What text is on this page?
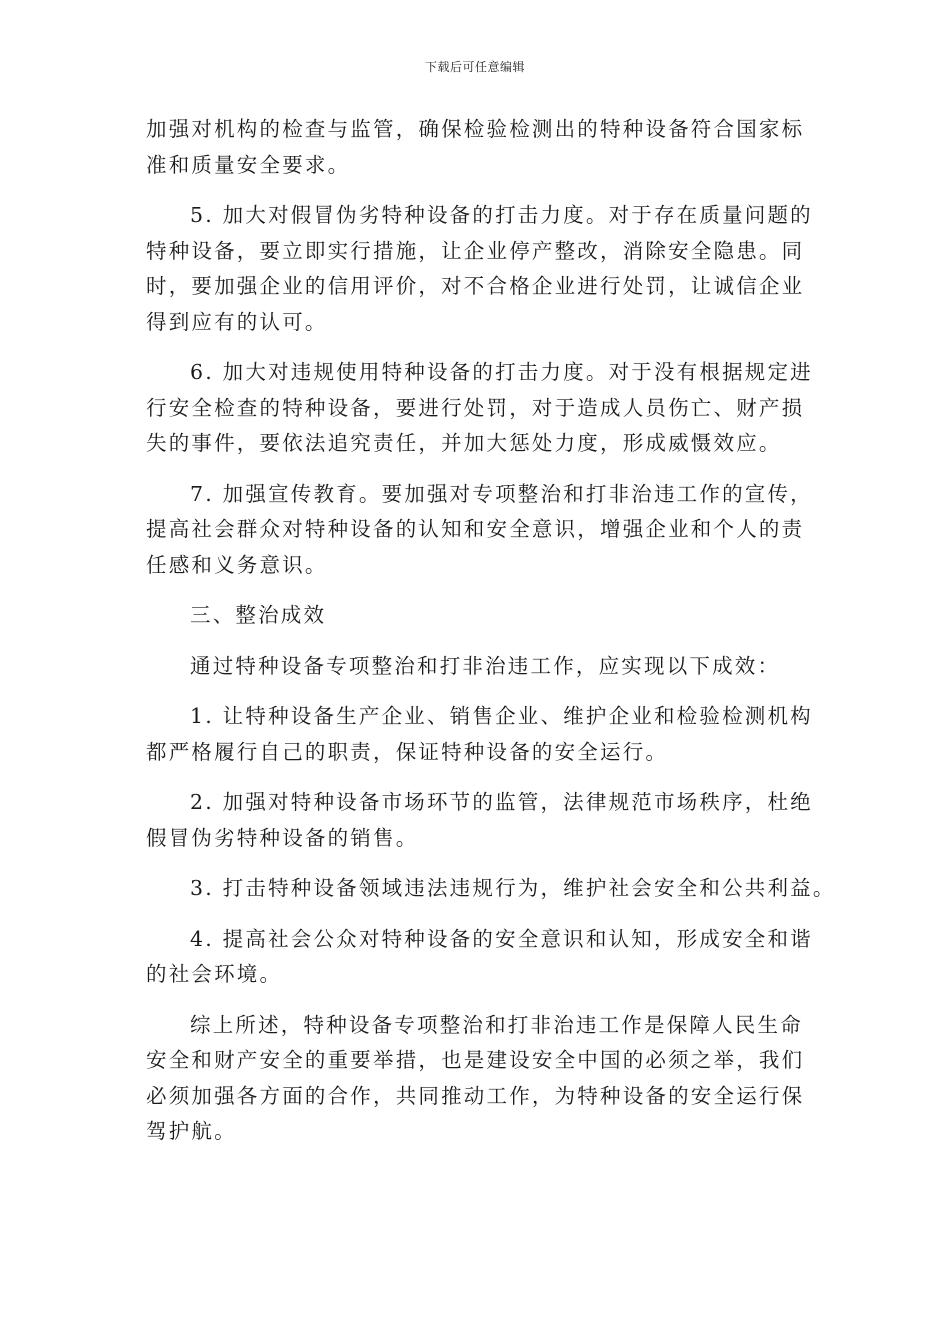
下载后可任意编辑
加强对机构的检查与监管，确保检验检测出的特种设备符合国家标
准和质量安全要求。
5. 加大对假冒伪劣特种设备的打击力度。对于存在质量问题的
特种设备，要立即实行措施，让企业停产整改，消除安全隐患。同
时，要加强企业的信用评价，对不合格企业进行处罚，让诚信企业
得到应有的认可。
6. 加大对违规使用特种设备的打击力度。对于没有根据规定进
行安全检查的特种设备，要进行处罚，对于造成人员伤亡、财产损
失的事件，要依法追究责任，并加大惩处力度，形成威慑效应。
7. 加强宣传教育。要加强对专项整治和打非治违工作的宣传，
提高社会群众对特种设备的认知和安全意识，增强企业和个人的责
任感和义务意识。
三、整治成效
通过特种设备专项整治和打非治违工作，应实现以下成效：
1. 让特种设备生产企业、销售企业、维护企业和检验检测机构
都严格履行自己的职责，保证特种设备的安全运行。
2. 加强对特种设备市场环节的监管，法律规范市场秩序，杜绝
假冒伪劣特种设备的销售。
3. 打击特种设备领域违法违规行为，维护社会安全和公共利益。
4. 提高社会公众对特种设备的安全意识和认知，形成安全和谐
的社会环境。
综上所述，特种设备专项整治和打非治违工作是保障人民生命
安全和财产安全的重要举措，也是建设安全中国的必须之举，我们
必须加强各方面的合作，共同推动工作，为特种设备的安全运行保
驾护航。
